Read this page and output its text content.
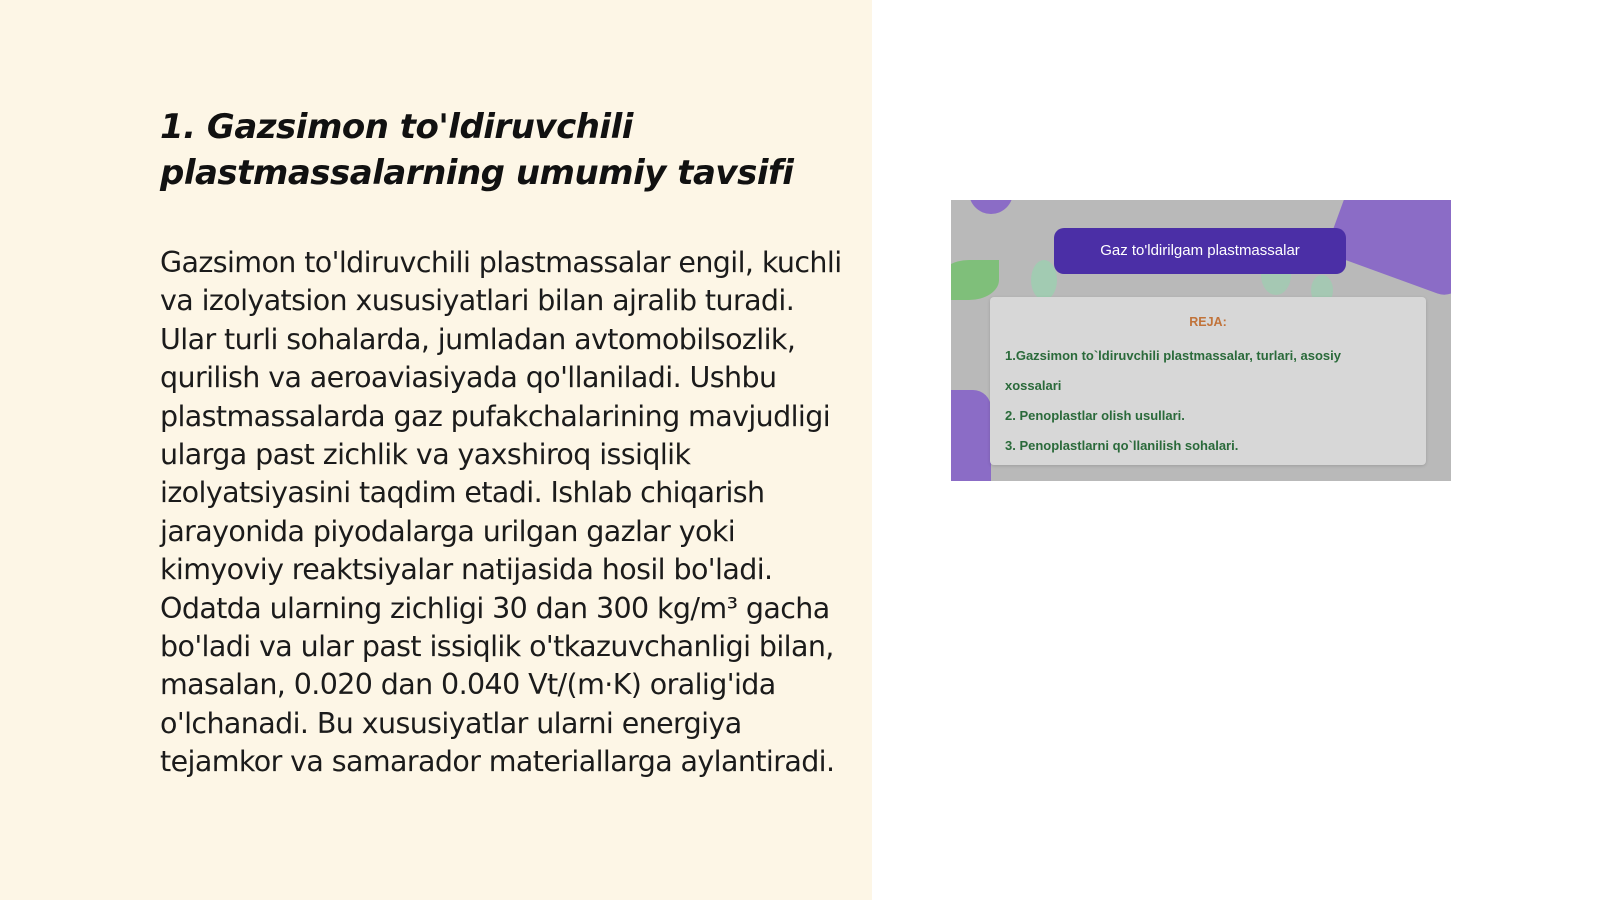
1. Gazsimon to'ldiruvchili plastmassalarning umumiy tavsifi

Gazsimon to'ldiruvchili plastmassalar engil, kuchli va izolyatsion xususiyatlari bilan ajralib turadi. Ular turli sohalarda, jumladan avtomobilsozlik, qurilish va aeroaviasiyada qo'llaniladi. Ushbu plastmassalarda gaz pufakchalarining mavjudligi ularga past zichlik va yaxshiroq issiqlik izolyatsiyasini taqdim etadi. Ishlab chiqarish jarayonida piyodalarga urilgan gazlar yoki kimyoviy reaktsiyalar natijasida hosil bo'ladi. Odatda ularning zichligi 30 dan 300 kg/m³ gacha bo'ladi va ular past issiqlik o'tkazuvchanligi bilan, masalan, 0.020 dan 0.040 Vt/(m·K) oralig'ida o'lchanadi. Bu xususiyatlar ularni energiya tejamkor va samarador materiallarga aylantiradi.

Gaz to'ldirilgam plastmassalar
REJA:
1.Gazsimon to`ldiruvchili plastmassalar, turlari, asosiy
xossalari
2. Penoplastlar olish usullari.
3. Penoplastlarni qo`llanilish sohalari.
